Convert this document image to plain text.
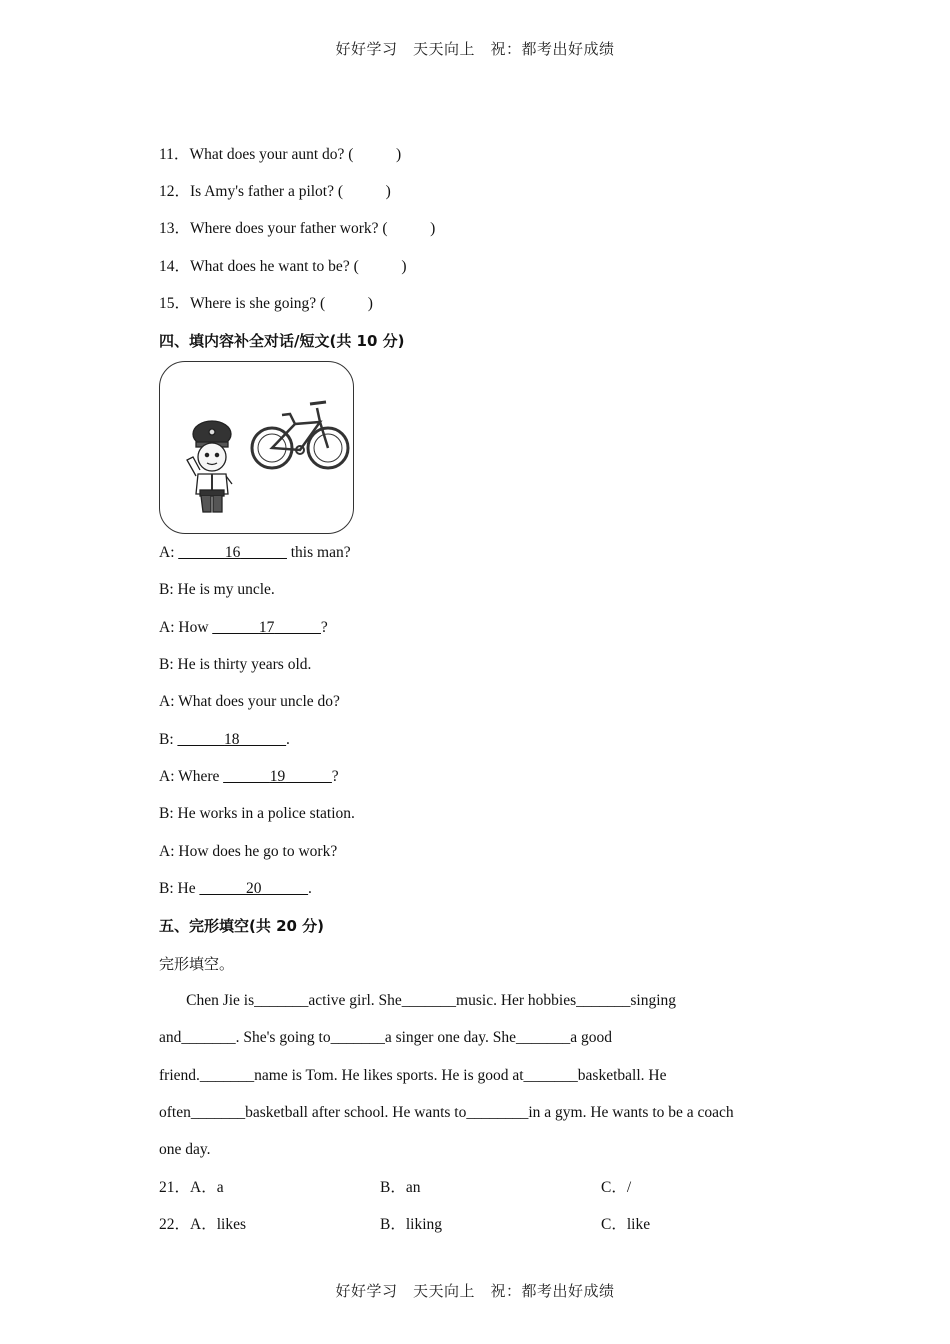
好好学习　天天向上　祝：都考出好成绩
11．What does your aunt do? (           )
12．Is Amy's father a pilot? (           )
13．Where does your father work? (           )
14．What does he want to be? (           )
15．Where is she going? (           )
四、填内容补全对话/短文(共 10 分)
A: ______16______ this man?
B: He is my uncle.
A: How ______17______?
B: He is thirty years old.
A: What does your uncle do?
B: ______18______.
A: Where ______19______?
B: He works in a police station.
A: How does he go to work?
B: He ______20______.
五、完形填空(共 20 分)
完形填空。
Chen Jie is_______active girl. She_______music. Her hobbies_______singing
and_______. She's going to_______a singer one day. She_______a good
friend._______name is Tom. He likes sports. He is good at_______basketball. He
often_______basketball after school. He wants to________in a gym. He wants to be a coach
one day.
21．A．a	B．an	C．/
22．A．likes	B．liking	C．like
好好学习　天天向上　祝：都考出好成绩
